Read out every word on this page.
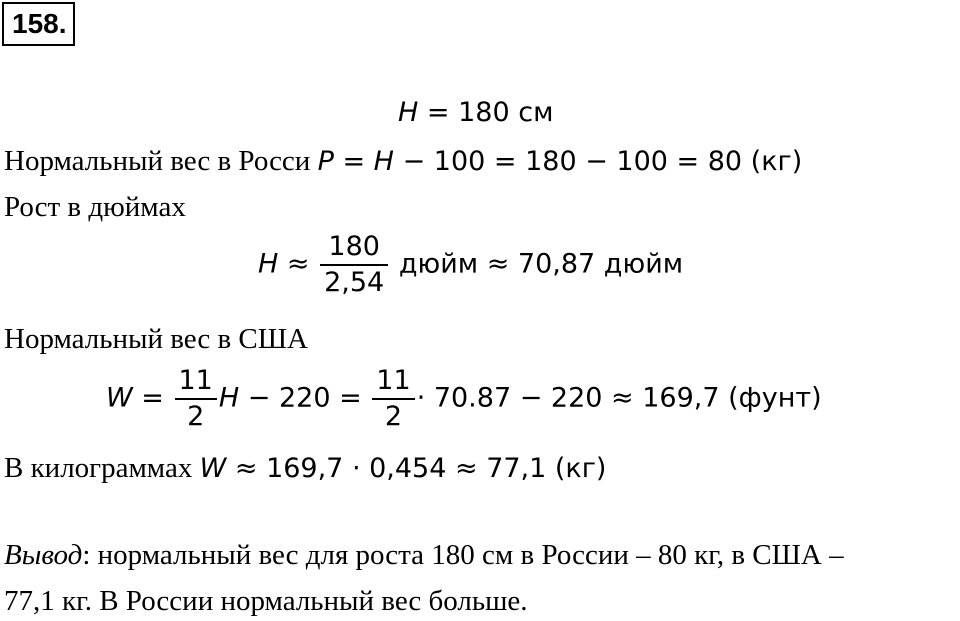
158.
H = 180 см
Нормальный вес в Росси P = H − 100 = 180 − 100 = 80 (кг)
Рост в дюймах
$H \approx \frac{180}{2,54}$ дюйм ≈ 70,87 дюйм
Нормальный вес в США
$W = \frac{11}{2}$ $H - 220 = \frac{11}{2} \cdot 70.87 - 220 \approx 169,7$ (фунт)
В килограммах W ≈ 169,7 ⋅ 0,454 ≈ 77,1 (кг)
Вывод: нормальный вес для роста 180 см в России – 80 кг, в США –
77,1 кг. В России нормальный вес больше.
